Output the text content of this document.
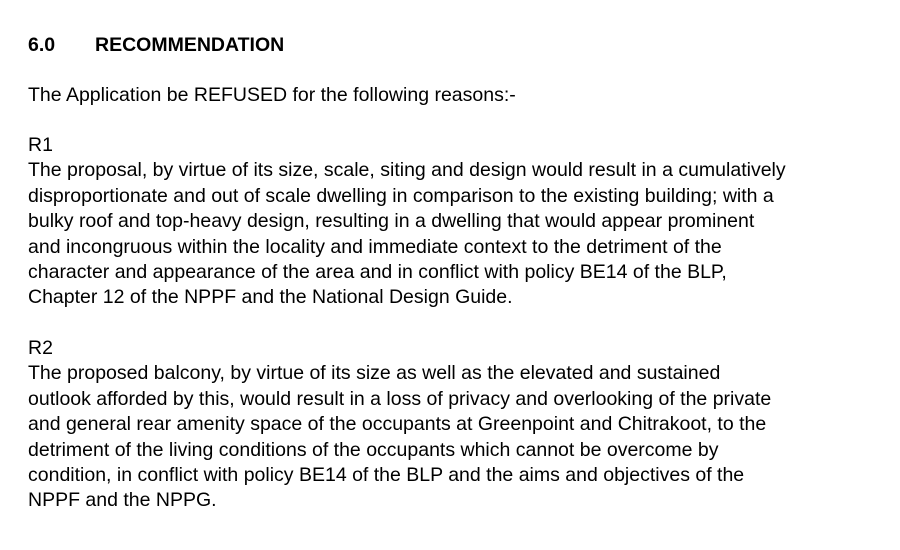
6.0 RECOMMENDATION
The Application be REFUSED for the following reasons:-
R1
The proposal, by virtue of its size, scale, siting and design would result in a cumulatively
disproportionate and out of scale dwelling in comparison to the existing building; with a
bulky roof and top-heavy design, resulting in a dwelling that would appear prominent
and incongruous within the locality and immediate context to the detriment of the
character and appearance of the area and in conflict with policy BE14 of the BLP,
Chapter 12 of the NPPF and the National Design Guide.
R2
The proposed balcony, by virtue of its size as well as the elevated and sustained
outlook afforded by this, would result in a loss of privacy and overlooking of the private
and general rear amenity space of the occupants at Greenpoint and Chitrakoot, to the
detriment of the living conditions of the occupants which cannot be overcome by
condition, in conflict with policy BE14 of the BLP and the aims and objectives of the
NPPF and the NPPG.
